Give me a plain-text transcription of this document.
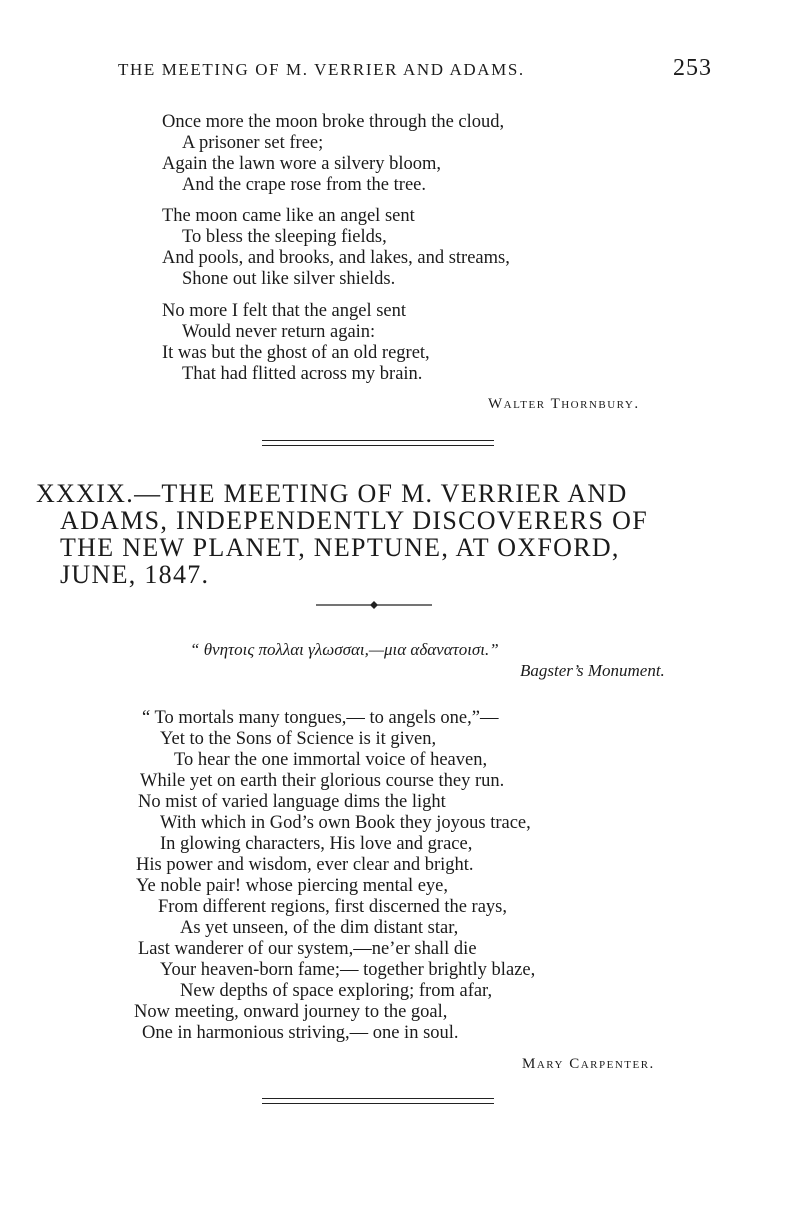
THE MEETING OF M. VERRIER AND ADAMS.	253
Once more the moon broke through the cloud,
A prisoner set free;
Again the lawn wore a silvery bloom,
And the crape rose from the tree.
The moon came like an angel sent
To bless the sleeping fields,
And pools, and brooks, and lakes, and streams,
Shone out like silver shields.
No more I felt that the angel sent
Would never return again:
It was but the ghost of an old regret,
That had flitted across my brain.
Walter Thornbury.
XXXIX.—THE MEETING OF M. VERRIER AND
ADAMS, INDEPENDENTLY DISCOVERERS OF
THE NEW PLANET, NEPTUNE, AT OXFORD,
JUNE, 1847.
“ θνητοις πολλαι γλωσσαι,—μια αδανατοισι.”
Bagster’s Monument.
“ To mortals many tongues,— to angels one,”—
Yet to the Sons of Science is it given,
To hear the one immortal voice of heaven,
While yet on earth their glorious course they run.
No mist of varied language dims the light
With which in God’s own Book they joyous trace,
In glowing characters, His love and grace,
His power and wisdom, ever clear and bright.
Ye noble pair! whose piercing mental eye,
From different regions, first discerned the rays,
As yet unseen, of the dim distant star,
Last wanderer of our system,—ne’er shall die
Your heaven-born fame;— together brightly blaze,
New depths of space exploring; from afar,
Now meeting, onward journey to the goal,
One in harmonious striving,— one in soul.
Mary Carpenter.
